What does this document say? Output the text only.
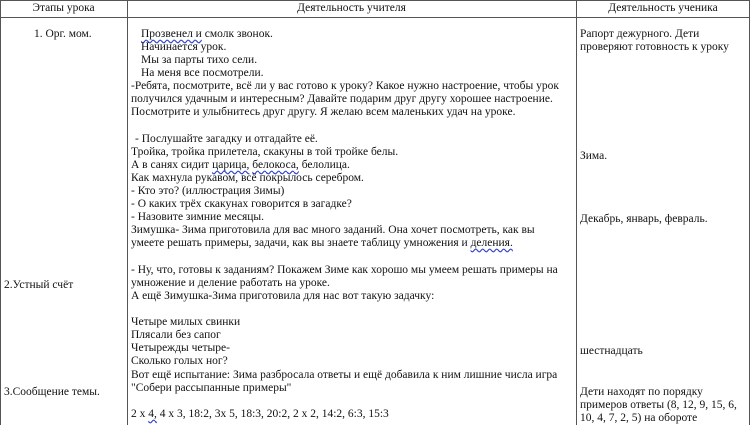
Этапы урока	Деятельность учителя	Деятельность ученика
1. Орг. мом.
2.Устный счёт
3.Сообщение темы.
Прозвенел и смолк звонок.
Начинается урок.
Мы за парты тихо сели.
На меня все посмотрели.
-Ребята, посмотрите, всё ли у вас готово к уроку? Какое нужно настроение, чтобы урок
получился удачным и интересным? Давайте подарим друг другу хорошее настроение.
Посмотрите и улыбнитесь друг другу. Я желаю всем маленьких удач на уроке.
- Послушайте загадку и отгадайте её.
Тройка, тройка прилетела, скакуны в той тройке белы.
А в санях сидит царица, белокоса, белолица.
Как махнула рукавом, всё покрылось серебром.
- Кто это? (иллюстрация Зимы)
- О каких трёх скакунах говорится в загадке?
- Назовите зимние месяцы.
Зимушка- Зима приготовила для вас много заданий. Она хочет посмотреть, как вы
умеете решать примеры, задачи, как вы знаете таблицу умножения и деления.
- Ну, что, готовы к заданиям? Покажем Зиме как хорошо мы умеем решать примеры на
умножение и деление работать на уроке.
А ещё Зимушка-Зима приготовила для нас вот такую задачку:
Четыре милых свинки
Плясали без сапог
Четырежды четыре-
Сколько голых ног?
Вот ещё испытание: Зима разбросала ответы и ещё добавила к ним лишние числа игра
"Собери рассыпанные примеры"
2 х 4, 4 х 3, 18:2, 3х 5, 18:3, 20:2, 2 х 2, 14:2, 6:3, 15:3
Рапорт дежурного. Дети
проверяют готовность к уроку
Зима.
Декабрь, январь, февраль.
шестнадцать
Дети находят по порядку
примеров ответы (8, 12, 9, 15, 6,
10, 4, 7, 2, 5) на обороте
